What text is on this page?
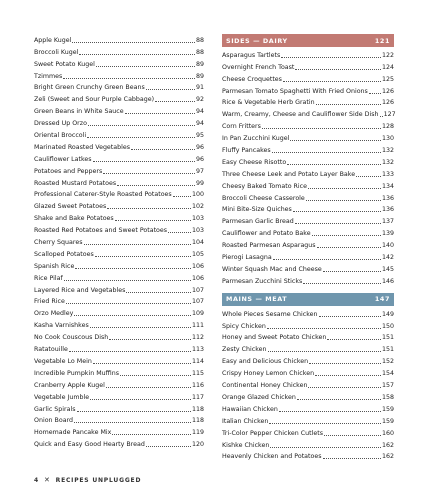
Apple Kugel	88
Broccoli Kugel	88
Sweet Potato Kugel	89
Tzimmes	89
Bright Green Crunchy Green Beans	91
Zeli (Sweet and Sour Purple Cabbage)	92
Green Beans in White Sauce	94
Dressed Up Orzo	94
Oriental Broccoli	95
Marinated Roasted Vegetables	96
Cauliflower Latkes	96
Potatoes and Peppers	97
Roasted Mustard Potatoes	99
Professional Caterer-Style Roasted Potatoes	100
Glazed Sweet Potatoes	102
Shake and Bake Potatoes	103
Roasted Red Potatoes and Sweet Potatoes	103
Cherry Squares	104
Scalloped Potatoes	105
Spanish Rice	106
Rice Pilaf	106
Layered Rice and Vegetables	107
Fried Rice	107
Orzo Medley	109
Kasha Varnishkes	111
No Cook Couscous Dish	112
Ratatouille	113
Vegetable Lo Mein	114
Incredible Pumpkin Muffins	115
Cranberry Apple Kugel	116
Vegetable Jumble	117
Garlic Spirals	118
Onion Board	118
Homemade Pancake Mix	119
Quick and Easy Good Hearty Bread	120
SIDES — DAIRY	121
Asparagus Tartlets	122
Overnight French Toast	124
Cheese Croquettes	125
Parmesan Tomato Spaghetti With Fried Onions 126
Rice & Vegetable Herb Gratin	126
Warm, Creamy, Cheese and Cauliflower Side Dish 127
Corn Fritters	128
In Pan Zucchini Kugel	130
Fluffy Pancakes	132
Easy Cheese Risotto	132
Three Cheese Leek and Potato Layer Bake	133
Cheesy Baked Tomato Rice	134
Broccoli Cheese Casserole	136
Mini Bite-Size Quiches	136
Parmesan Garlic Bread	137
Cauliflower and Potato Bake	139
Roasted Parmesan Asparagus	140
Pierogi Lasagna	142
Winter Squash Mac and Cheese	145
Parmesan Zucchini Sticks	146
MAINS — MEAT	147
Whole Pieces Sesame Chicken	149
Spicy Chicken	150
Honey and Sweet Potato Chicken	151
Zesty Chicken	151
Easy and Delicious Chicken	152
Crispy Honey Lemon Chicken	154
Continental Honey Chicken	157
Orange Glazed Chicken	158
Hawaiian Chicken	159
Italian Chicken	159
Tri-Color Pepper Chicken Cutlets	160
Kishke Chicken	162
Heavenly Chicken and Potatoes	162
4 ✕ RECIPES UNPLUGGED
